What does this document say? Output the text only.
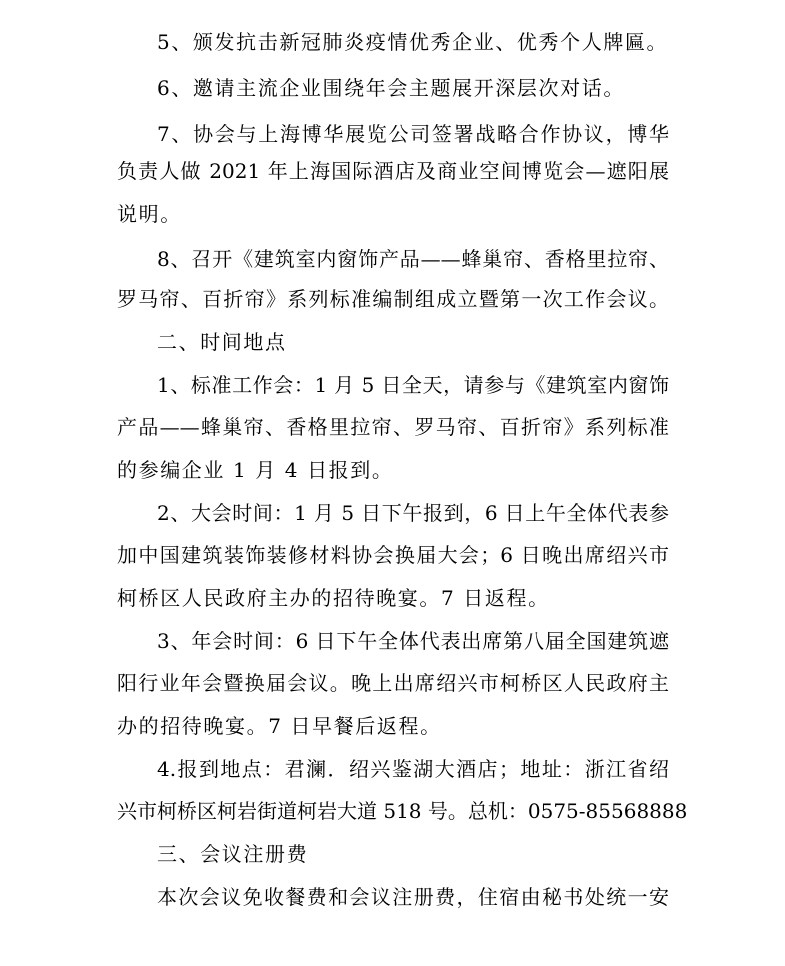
5、颁发抗击新冠肺炎疫情优秀企业、优秀个人牌匾。
6、邀请主流企业围绕年会主题展开深层次对话。
7、协会与上海博华展览公司签署战略合作协议，博华
负责人做 2021 年上海国际酒店及商业空间博览会—遮阳展
说明。
8、召开《建筑室内窗饰产品——蜂巢帘、香格里拉帘、
罗马帘、百折帘》系列标准编制组成立暨第一次工作会议。
二、时间地点
1、标准工作会：1 月 5 日全天，请参与《建筑室内窗饰
产品——蜂巢帘、香格里拉帘、罗马帘、百折帘》系列标准
的参编企业 1 月 4 日报到。
2、大会时间：1 月 5 日下午报到，6 日上午全体代表参
加中国建筑装饰装修材料协会换届大会；6 日晚出席绍兴市
柯桥区人民政府主办的招待晚宴。7 日返程。
3、年会时间：6 日下午全体代表出席第八届全国建筑遮
阳行业年会暨换届会议。晚上出席绍兴市柯桥区人民政府主
办的招待晚宴。7 日早餐后返程。
4.报到地点：君澜．绍兴鉴湖大酒店；地址：浙江省绍
兴市柯桥区柯岩街道柯岩大道 518 号。总机：0575-85568888
三、会议注册费
本次会议免收餐费和会议注册费，住宿由秘书处统一安
